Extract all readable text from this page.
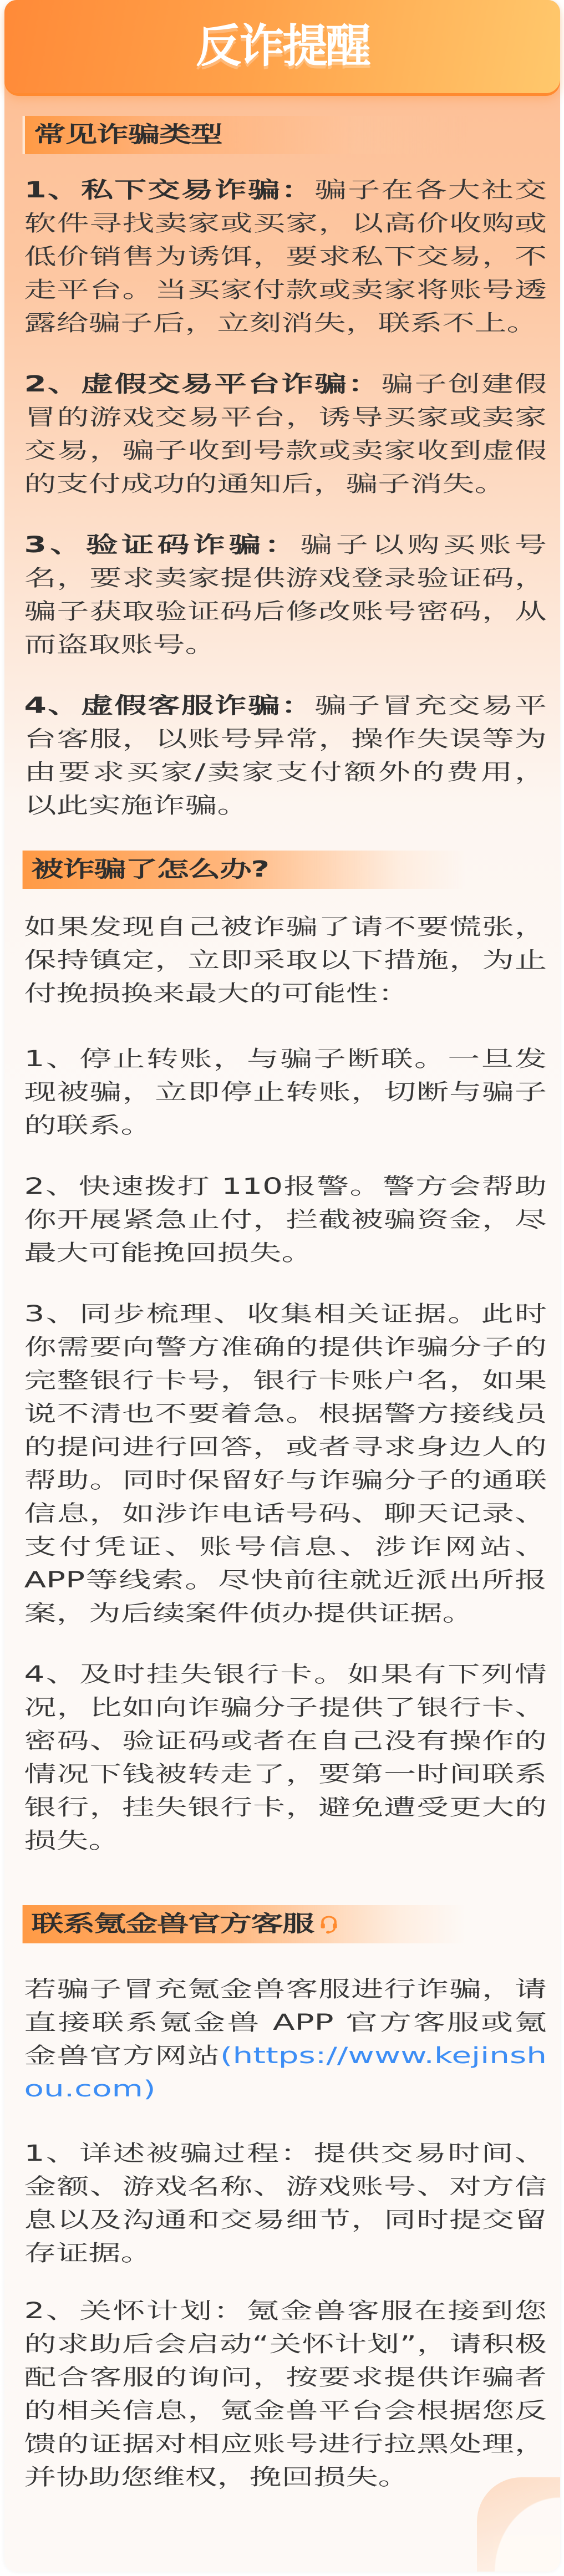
反诈提醒
常见诈骗类型
1、私下交易诈骗：骗子在各大社交软件寻找卖家或买家，以高价收购或低价销售为诱饵，要求私下交易，不走平台。当买家付款或卖家将账号透露给骗子后，立刻消失，联系不上。
2、虚假交易平台诈骗：骗子创建假冒的游戏交易平台，诱导买家或卖家交易，骗子收到号款或卖家收到虚假的支付成功的通知后，骗子消失。
3、验证码诈骗：骗子以购买账号名，要求卖家提供游戏登录验证码，骗子获取验证码后修改账号密码，从而盗取账号。
4、虚假客服诈骗：骗子冒充交易平台客服，以账号异常，操作失误等为由要求买家/卖家支付额外的费用，以此实施诈骗。
被诈骗了怎么办?
如果发现自己被诈骗了请不要慌张，保持镇定，立即采取以下措施，为止付挽损换来最大的可能性：
1、停止转账，与骗子断联。一旦发现被骗，立即停止转账，切断与骗子的联系。
2、快速拨打 110报警。警方会帮助你开展紧急止付，拦截被骗资金，尽最大可能挽回损失。
3、同步梳理、收集相关证据。此时你需要向警方准确的提供诈骗分子的完整银行卡号，银行卡账户名，如果说不清也不要着急。根据警方接线员的提问进行回答，或者寻求身边人的帮助。同时保留好与诈骗分子的通联信息，如涉诈电话号码、聊天记录、支付凭证、账号信息、涉诈网站、APP等线索。尽快前往就近派出所报案，为后续案件侦办提供证据。
4、及时挂失银行卡。如果有下列情况，比如向诈骗分子提供了银行卡、密码、验证码或者在自己没有操作的情况下钱被转走了，要第一时间联系银行，挂失银行卡，避免遭受更大的损失。
联系氪金兽官方客服
若骗子冒充氪金兽客服进行诈骗，请直接联系氪金兽 APP 官方客服或氪金兽官方网站(https://www.kejinshou.com)
1、详述被骗过程：提供交易时间、金额、游戏名称、游戏账号、对方信息以及沟通和交易细节，同时提交留存证据。
2、关怀计划：氪金兽客服在接到您的求助后会启动“关怀计划”，请积极配合客服的询问，按要求提供诈骗者的相关信息，氪金兽平台会根据您反馈的证据对相应账号进行拉黑处理，并协助您维权，挽回损失。
